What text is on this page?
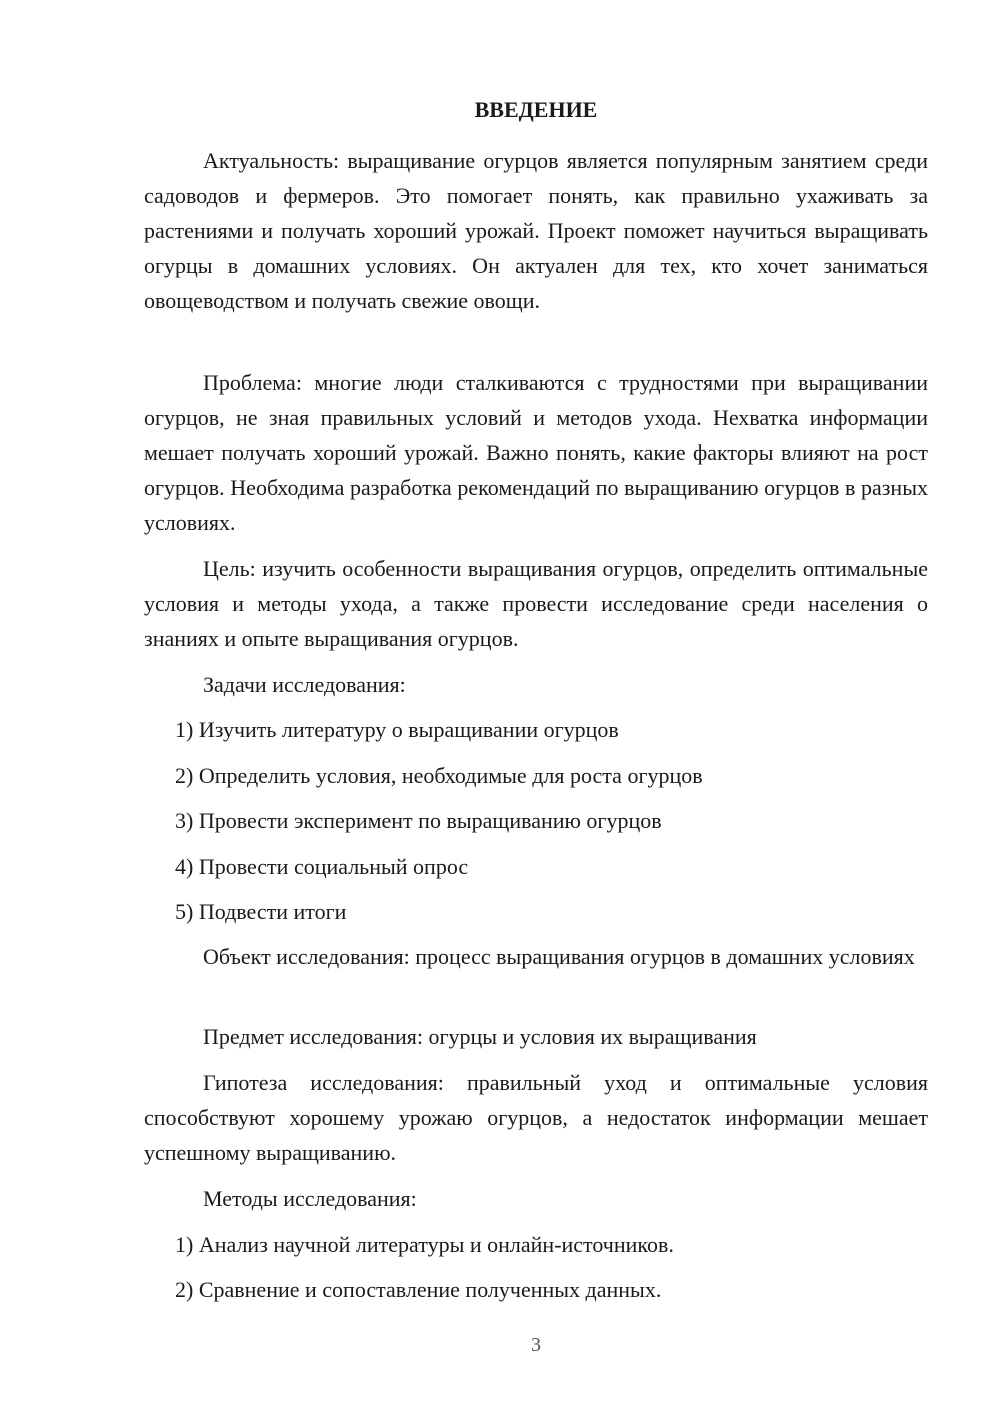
ВВЕДЕНИЕ

Актуальность: выращивание огурцов является популярным занятием среди садоводов и фермеров. Это помогает понять, как правильно ухаживать за растениями и получать хороший урожай. Проект поможет научиться выращивать огурцы в домашних условиях. Он актуален для тех, кто хочет заниматься овощеводством и получать свежие овощи.

Проблема: многие люди сталкиваются с трудностями при выращивании огурцов, не зная правильных условий и методов ухода. Нехватка информации мешает получать хороший урожай. Важно понять, какие факторы влияют на рост огурцов. Необходима разработка рекомендаций по выращиванию огурцов в разных условиях.

Цель: изучить особенности выращивания огурцов, определить оптимальные условия и методы ухода, а также провести исследование среди населения о знаниях и опыте выращивания огурцов.

Задачи исследования:
1) Изучить литературу о выращивании огурцов
2) Определить условия, необходимые для роста огурцов
3) Провести эксперимент по выращиванию огурцов
4) Провести социальный опрос
5) Подвести итоги

Объект исследования: процесс выращивания огурцов в домашних условиях

Предмет исследования: огурцы и условия их выращивания

Гипотеза исследования: правильный уход и оптимальные условия способствуют хорошему урожаю огурцов, а недостаток информации мешает успешному выращиванию.

Методы исследования:
1) Анализ научной литературы и онлайн-источников.
2) Сравнение и сопоставление полученных данных.
3
